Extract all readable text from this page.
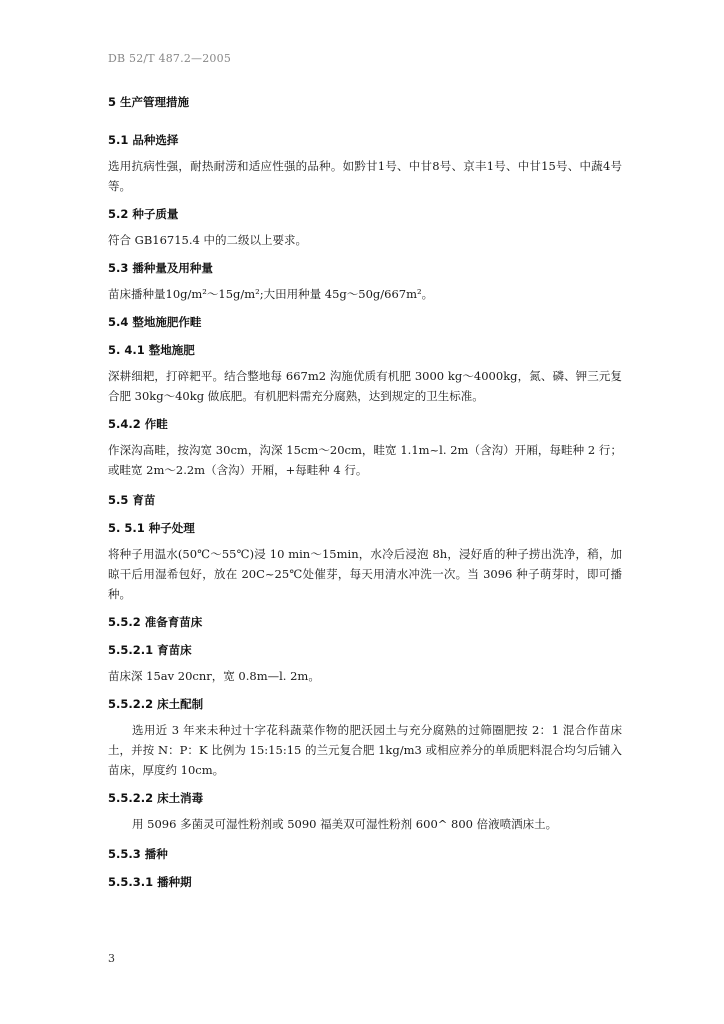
DB 52/T 487.2—2005

5 生产管理措施

5.1 品种选择

选用抗病性强，耐热耐涝和适应性强的品种。如黔甘1号、中甘8号、京丰1号、中甘15号、中蔬4号等。

5.2 种子质量

符合 GB16715.4 中的二级以上要求。

5.3 播种量及用种量

苗床播种量10g/m²～15g/m²;大田用种量 45g～50g/667m²。

5.4 整地施肥作畦

5. 4.1 整地施肥

深耕细耙，打碎耙平。结合整地每 667m2 沟施优质有机肥 3000 kg～4000kg，氮、磷、钾三元复合肥 30kg～40kg 做底肥。有机肥料需充分腐熟，达到规定的卫生标准。

5.4.2 作畦

作深沟高畦，按沟宽 30cm，沟深 15cm～20cm，畦宽 1.1m~l. 2m（含沟）开厢，每畦种 2 行；或畦宽 2m～2.2m（含沟）开厢，+每畦种 4 行。

5.5 育苗

5. 5.1 种子处理

将种子用温水(50℃～55℃)浸 10 min～15min，水冷后浸泡 8h，浸好盾的种子捞出洗净，稍，加晾干后用湿希包好，放在 20C~25℃处催芽，每天用清水冲洗一次。当 3096 种子萌芽时，即可播种。

5.5.2 准备育苗床

5.5.2.1 育苗床

苗床深 15av 20cnr，宽 0.8m—l. 2m。

5.5.2.2 床土配制

选用近 3 年来未种过十字花科蔬菜作物的肥沃园土与充分腐熟的过筛圈肥按 2：1 混合作苗床土，并按 N：P：K 比例为 15:15:15 的兰元复合肥 1kg/m3 或相应养分的单质肥料混合均匀后铺入苗床，厚度约 10cm。

5.5.2.2 床土消毒

用 5096 多菌灵可湿性粉剂或 5090 福美双可湿性粉剂 600^ 800 倍液喷洒床土。

5.5.3 播种

5.5.3.1 播种期

3
